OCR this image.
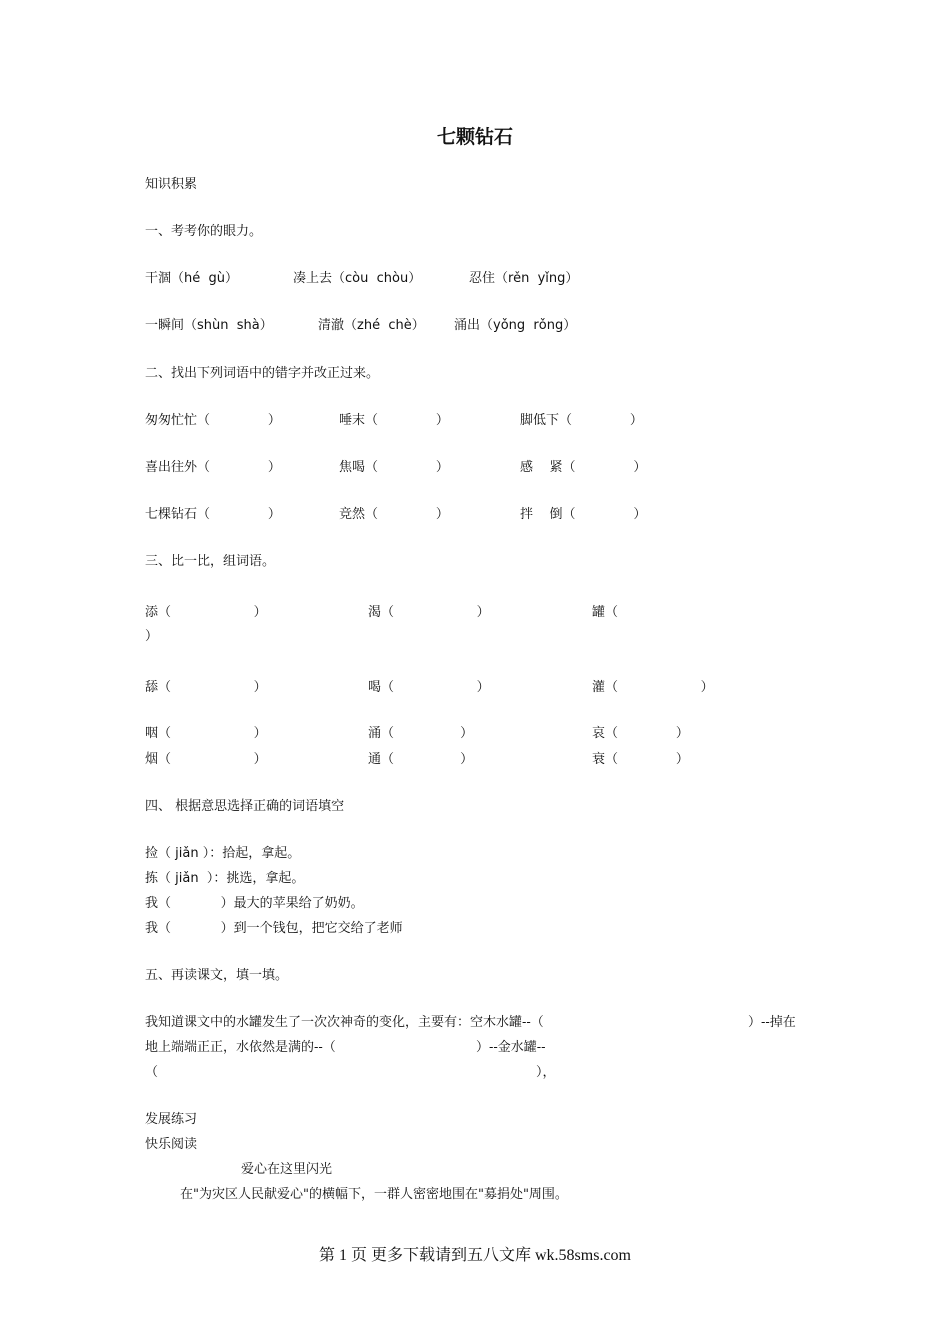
七颗钻石
知识积累
一、考考你的眼力。
干涸（hé  gù）	凑上去（còu  chòu）	忍住（rěn  yǐng）
一瞬间（shùn  shà）	清澈（zhé  chè） 涌出（yǒng  rǒng）
二、找出下列词语中的错字并改正过来。
匆匆忙忙（              ）	唾末（              ）	脚低下（              ）
喜出往外（              ）	焦喝（              ）	感    紧（              ）
七棵钻石（              ）	竞然（              ）	拌    倒（              ）
三、比一比，组词语。
添（                    ）	渴（                    ）	罐（
）
舔（                    ）	喝（                    ）	灌（                    ）
咽（                    ）	涌（                ）	哀（              ）
烟（                    ）	通（                ）	衰（              ）
四、 根据意思选择正确的词语填空
捡（ jiǎn ）：拾起，拿起。
拣（ jiǎn  ）：挑选，拿起。
我（            ）最大的苹果给了奶奶。
我（            ）到一个钱包，把它交给了老师
五、再读课文，填一填。
我知道课文中的水罐发生了一次次神奇的变化，主要有：空木水罐--（	）--掉在
地上端端正正，水依然是满的--（	）--金水罐--
（	），
发展练习
快乐阅读
爱心在这里闪光
在"为灾区人民献爱心"的横幅下，一群人密密地围在"募捐处"周围。
第 1 页 更多下载请到五八文库 wk.58sms.com
